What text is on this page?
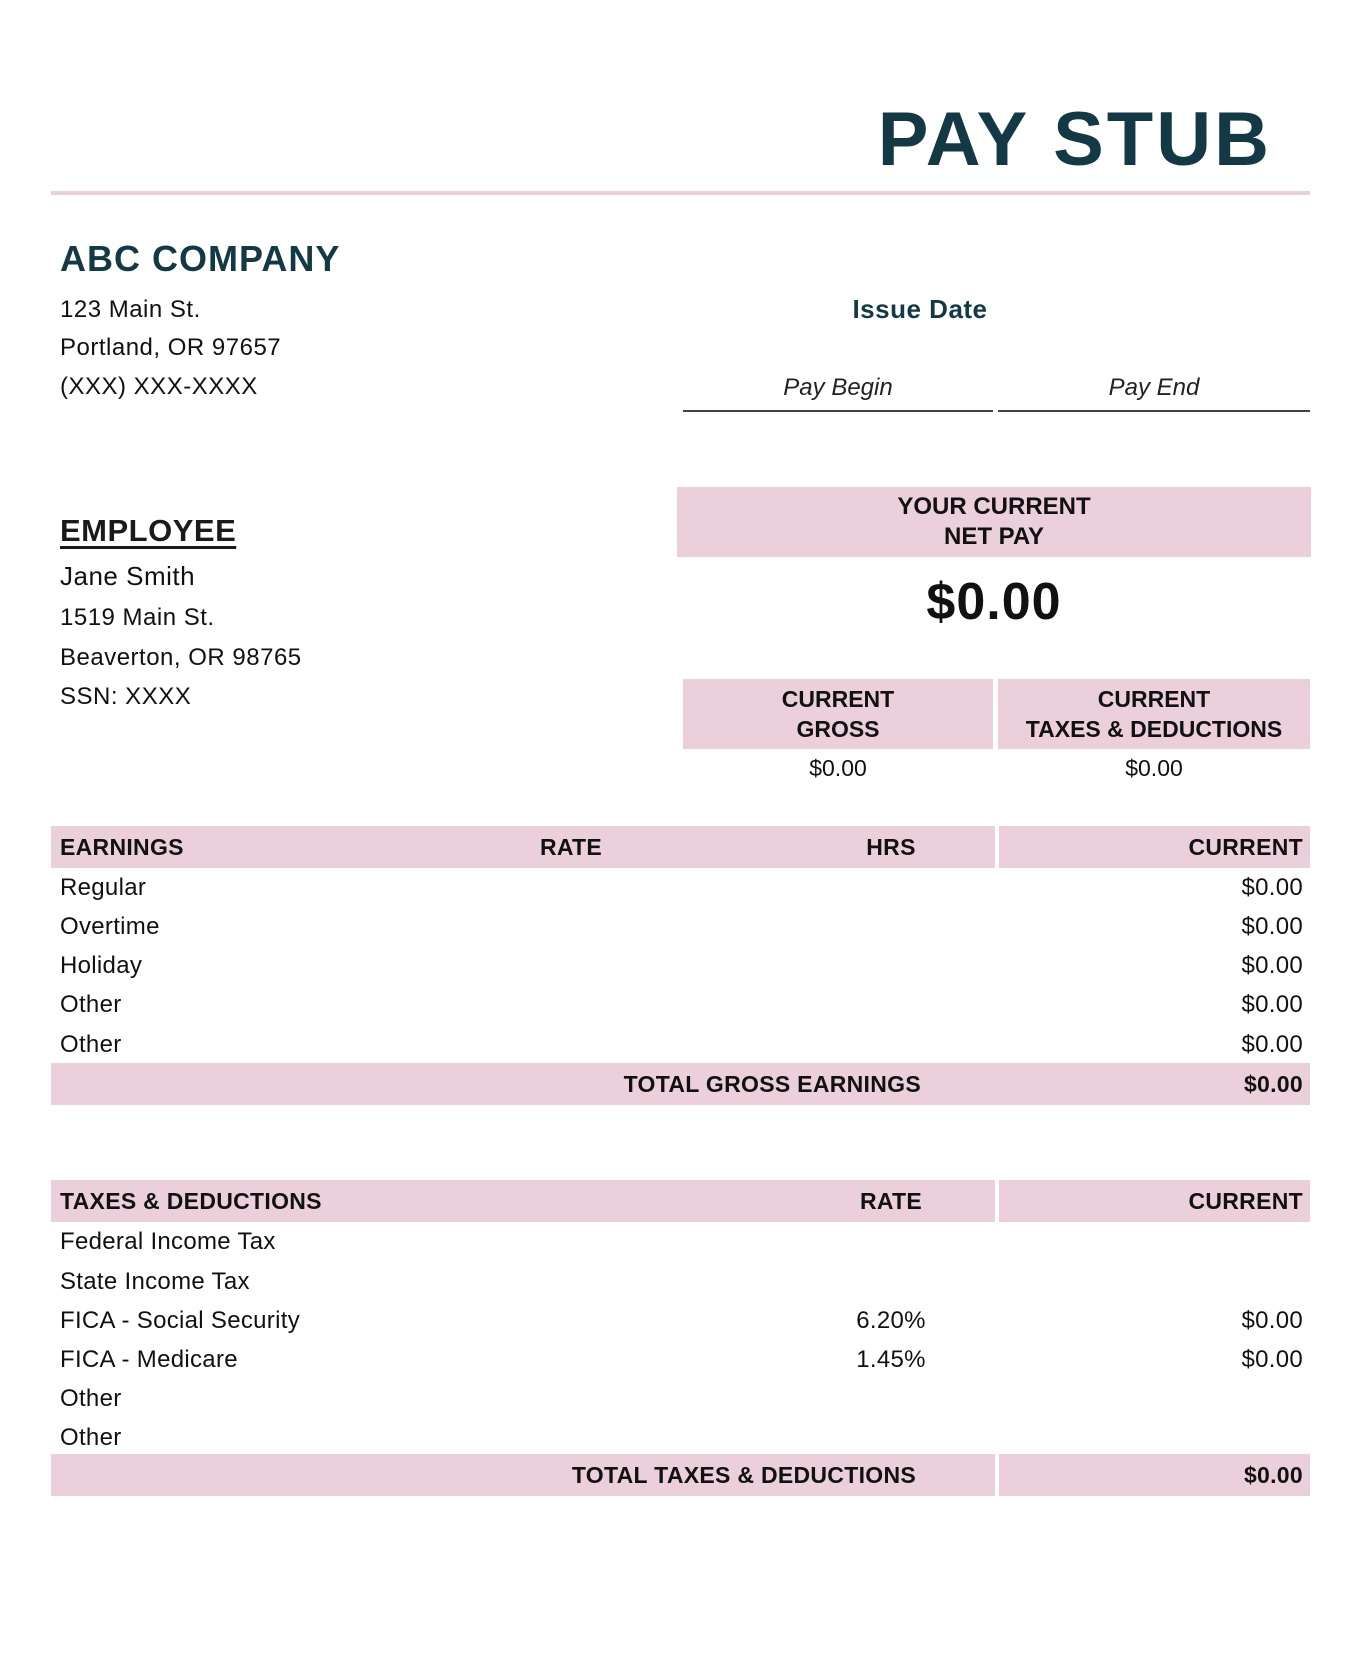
PAY STUB
ABC COMPANY
123 Main St.
Portland, OR 97657
(XXX) XXX-XXXX
Issue Date
Pay Begin	Pay End
EMPLOYEE
Jane Smith
1519 Main St.
Beaverton, OR 98765
SSN: XXXX
YOUR CURRENT
NET PAY
$0.00
CURRENT
GROSS
CURRENT
TAXES & DEDUCTIONS
$0.00	$0.00
EARNINGS	RATE	HRS	CURRENT
Regular	$0.00
Overtime	$0.00
Holiday	$0.00
Other	$0.00
Other	$0.00
TOTAL GROSS EARNINGS	$0.00
TAXES & DEDUCTIONS	RATE	CURRENT
Federal Income Tax
State Income Tax
FICA - Social Security	6.20%	$0.00
FICA - Medicare	1.45%	$0.00
Other
Other
TOTAL TAXES & DEDUCTIONS	$0.00
